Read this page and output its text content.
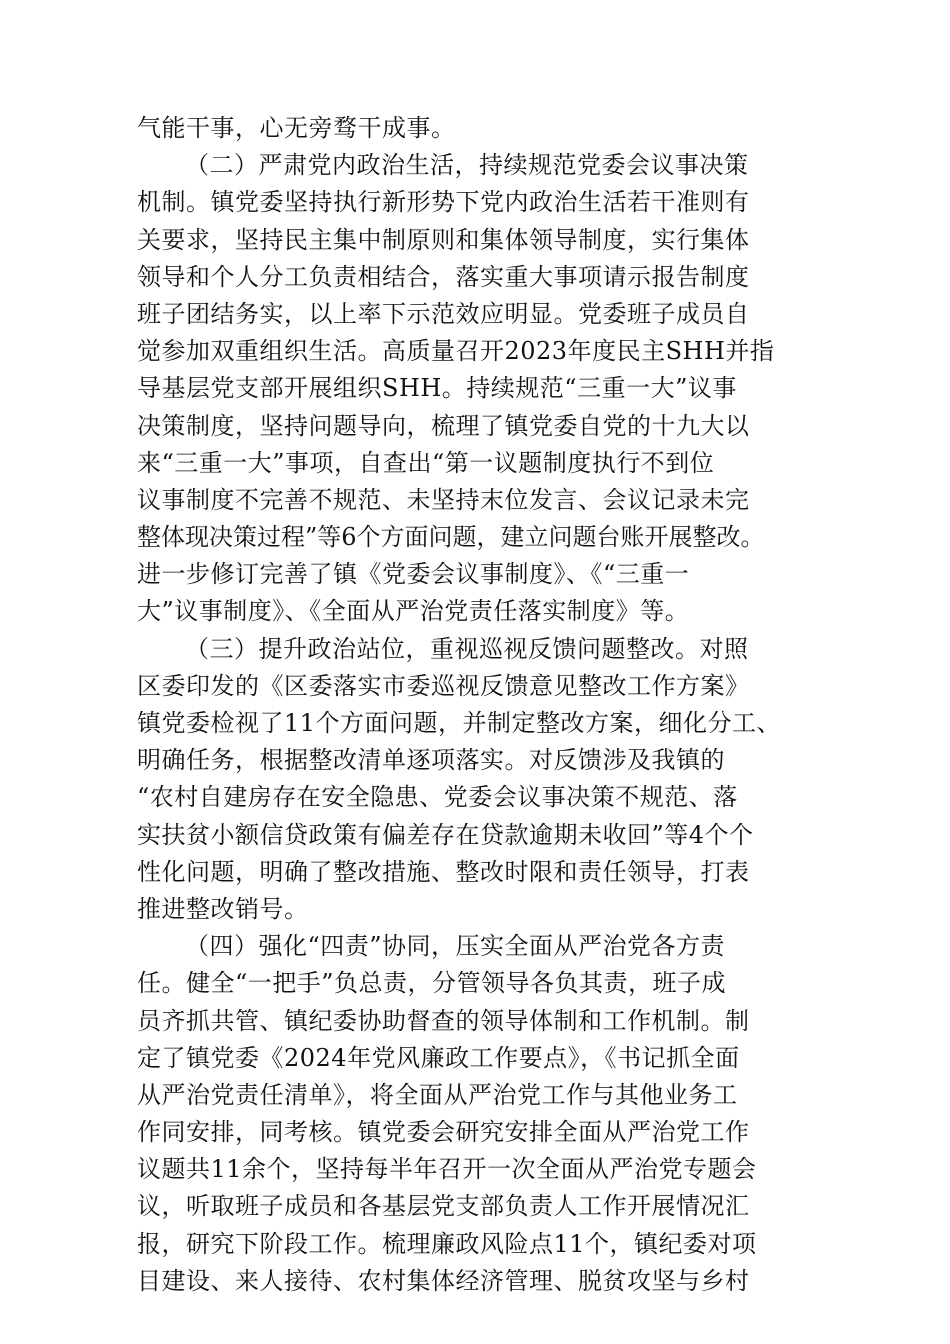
气能干事，心无旁骛干成事。
（二）严肃党内政治生活，持续规范党委会议事决策
机制。镇党委坚持执行新形势下党内政治生活若干准则有
关要求，坚持民主集中制原则和集体领导制度，实行集体
领导和个人分工负责相结合，落实重大事项请示报告制度
班子团结务实，以上率下示范效应明显。党委班子成员自
觉参加双重组织生活。高质量召开2023年度民主SHH并指
导基层党支部开展组织SHH。持续规范“三重一大”议事
决策制度，坚持问题导向，梳理了镇党委自党的十九大以
来“三重一大”事项，自查出“第一议题制度执行不到位
议事制度不完善不规范、未坚持末位发言、会议记录未完
整体现决策过程”等6个方面问题，建立问题台账开展整改。
进一步修订完善了镇《党委会议事制度》、《“三重一
大”议事制度》、《全面从严治党责任落实制度》等。
（三）提升政治站位，重视巡视反馈问题整改。对照
区委印发的《区委落实市委巡视反馈意见整改工作方案》
镇党委检视了11个方面问题，并制定整改方案，细化分工、
明确任务，根据整改清单逐项落实。对反馈涉及我镇的
“农村自建房存在安全隐患、党委会议事决策不规范、落
实扶贫小额信贷政策有偏差存在贷款逾期未收回”等4个个
性化问题，明确了整改措施、整改时限和责任领导，打表
推进整改销号。
（四）强化“四责”协同，压实全面从严治党各方责
任。健全“一把手”负总责，分管领导各负其责，班子成
员齐抓共管、镇纪委协助督查的领导体制和工作机制。制
定了镇党委《2024年党风廉政工作要点》，《书记抓全面
从严治党责任清单》，将全面从严治党工作与其他业务工
作同安排，同考核。镇党委会研究安排全面从严治党工作
议题共11余个，坚持每半年召开一次全面从严治党专题会
议，听取班子成员和各基层党支部负责人工作开展情况汇
报，研究下阶段工作。梳理廉政风险点11个，镇纪委对项
目建设、来人接待、农村集体经济管理、脱贫攻坚与乡村
